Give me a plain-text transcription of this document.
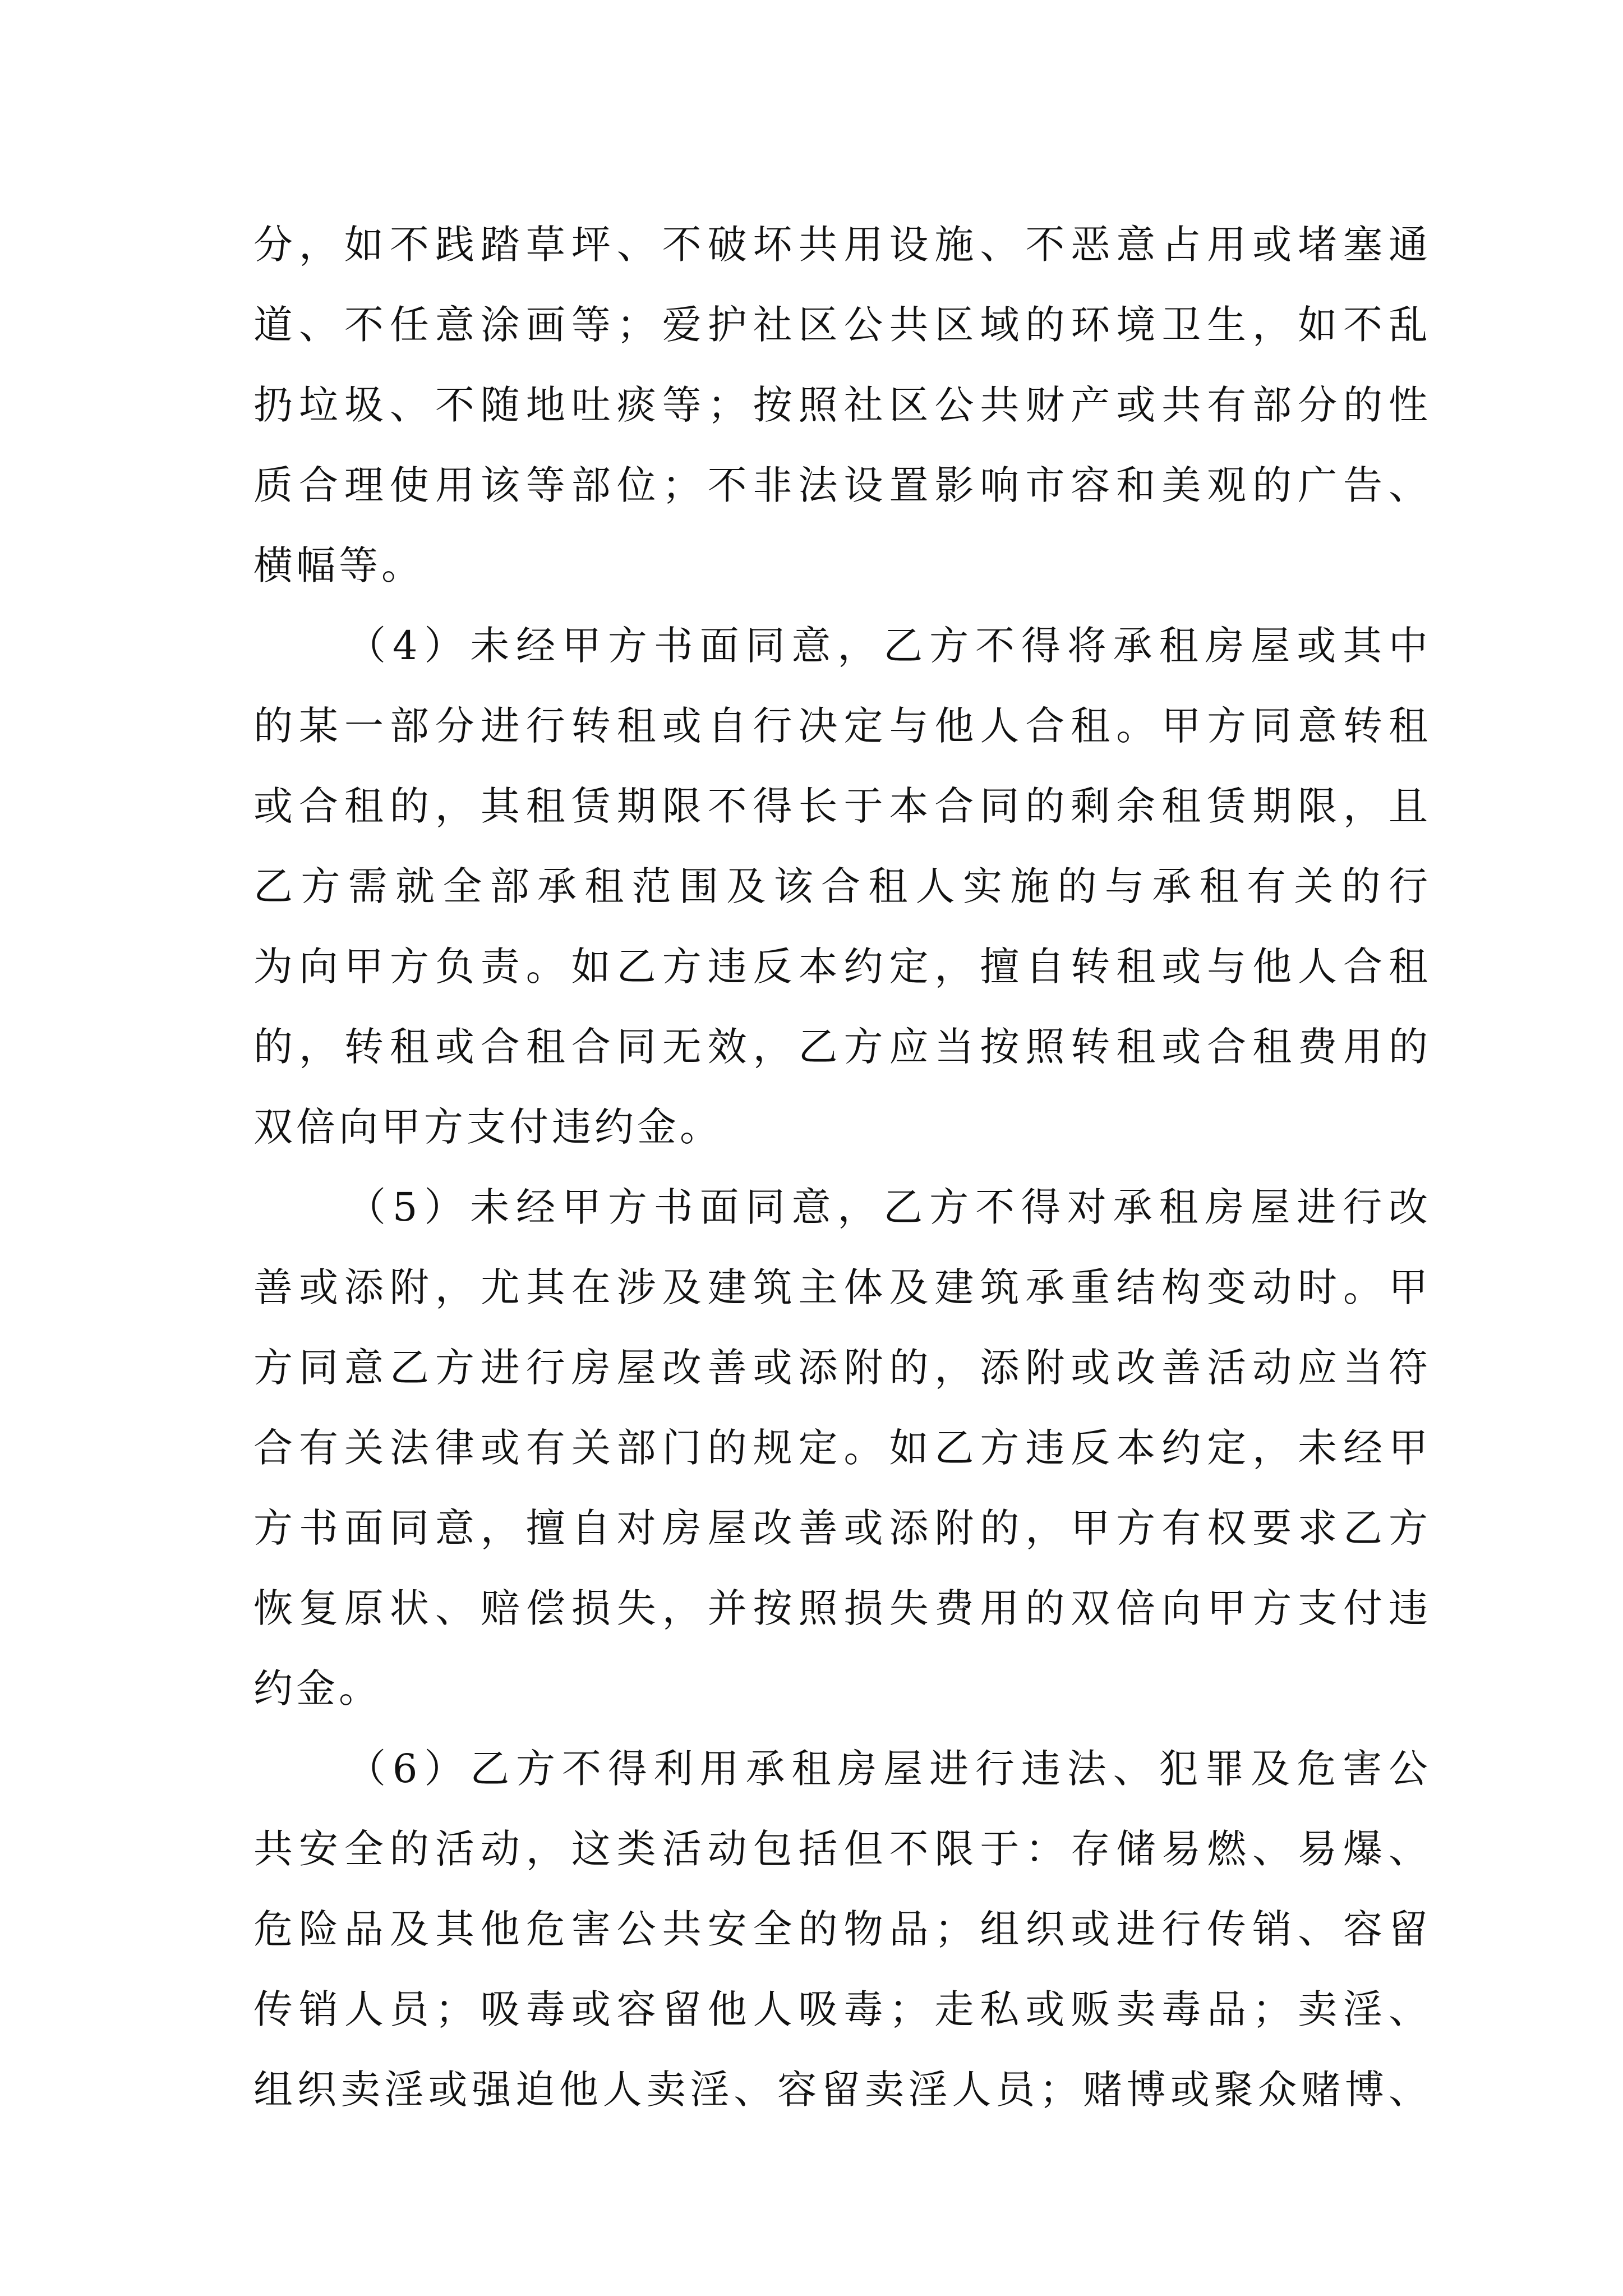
分，如不践踏草坪、不破坏共用设施、不恶意占用或堵塞通
道、不任意涂画等；爱护社区公共区域的环境卫生，如不乱
扔垃圾、不随地吐痰等；按照社区公共财产或共有部分的性
质合理使用该等部位；不非法设置影响市容和美观的广告、
横幅等。
（4）未经甲方书面同意，乙方不得将承租房屋或其中
的某一部分进行转租或自行决定与他人合租。甲方同意转租
或合租的，其租赁期限不得长于本合同的剩余租赁期限，且
乙方需就全部承租范围及该合租人实施的与承租有关的行
为向甲方负责。如乙方违反本约定，擅自转租或与他人合租
的，转租或合租合同无效，乙方应当按照转租或合租费用的
双倍向甲方支付违约金。
（5）未经甲方书面同意，乙方不得对承租房屋进行改
善或添附，尤其在涉及建筑主体及建筑承重结构变动时。甲
方同意乙方进行房屋改善或添附的，添附或改善活动应当符
合有关法律或有关部门的规定。如乙方违反本约定，未经甲
方书面同意，擅自对房屋改善或添附的，甲方有权要求乙方
恢复原状、赔偿损失，并按照损失费用的双倍向甲方支付违
约金。
（6）乙方不得利用承租房屋进行违法、犯罪及危害公
共安全的活动，这类活动包括但不限于：存储易燃、易爆、
危险品及其他危害公共安全的物品；组织或进行传销、容留
传销人员；吸毒或容留他人吸毒；走私或贩卖毒品；卖淫、
组织卖淫或强迫他人卖淫、容留卖淫人员；赌博或聚众赌博、
